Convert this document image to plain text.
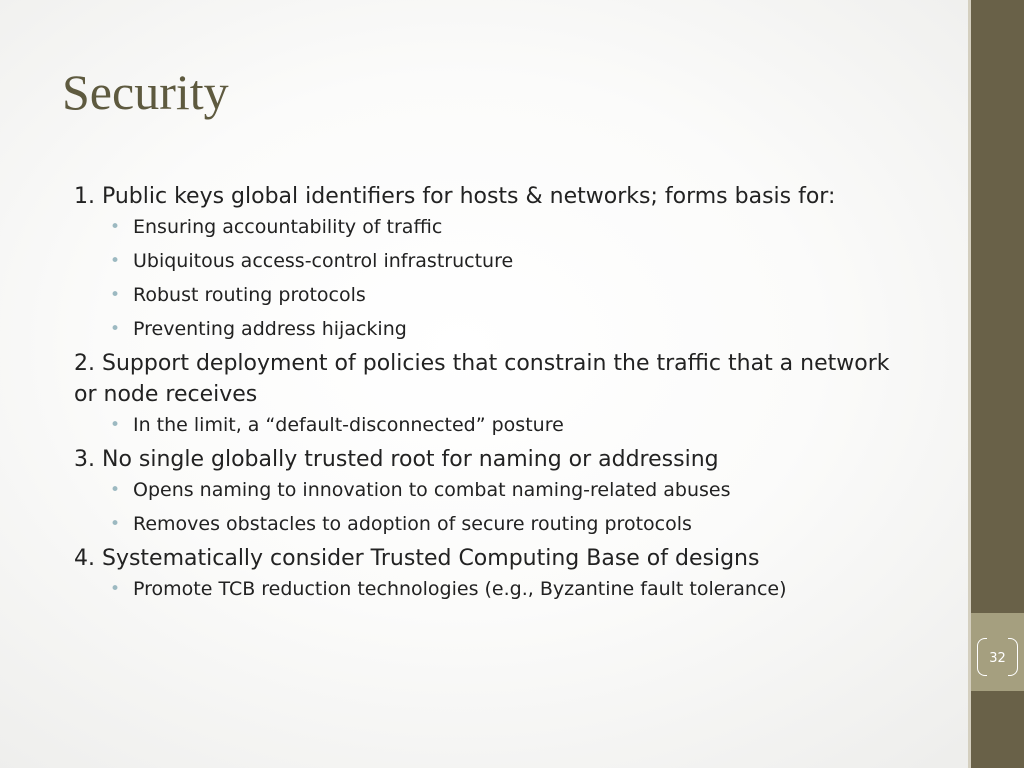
Security

1. Public keys global identifiers for hosts & networks; forms basis for:

• Ensuring accountability of traffic
• Ubiquitous access-control infrastructure
• Robust routing protocols
• Preventing address hijacking

2. Support deployment of policies that constrain the traffic that a network or node receives

• In the limit, a “default-disconnected” posture

3. No single globally trusted root for naming or addressing

• Opens naming to innovation to combat naming-related abuses
• Removes obstacles to adoption of secure routing protocols

4. Systematically consider Trusted Computing Base of designs

• Promote TCB reduction technologies (e.g., Byzantine fault tolerance)
32
